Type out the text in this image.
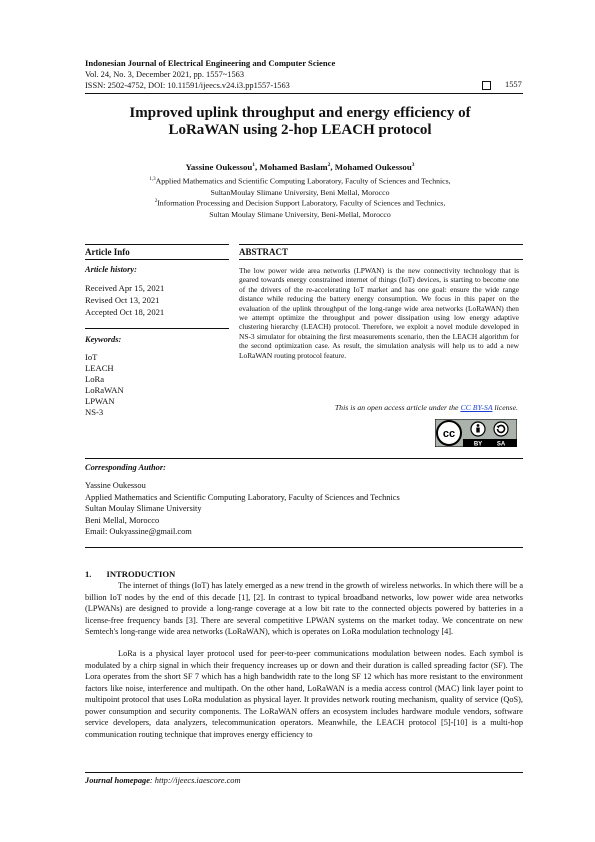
Indonesian Journal of Electrical Engineering and Computer Science
Vol. 24, No. 3, December 2021, pp. 1557~1563
ISSN: 2502-4752, DOI: 10.11591/ijeecs.v24.i3.pp1557-1563	1557
Improved uplink throughput and energy efficiency of
LoRaWAN using 2-hop LEACH protocol
Yassine Oukessou$^1$, Mohamed Baslam$^2$, Mohamed Oukessou$^3$
$^{1,3}$Applied Mathematics and Scientific Computing Laboratory, Faculty of Sciences and Technics,
SultanMoulay Slimane University, Beni Mellal, Morocco
$^2$Information Processing and Decision Support Laboratory, Faculty of Sciences and Technics,
Sultan Moulay Slimane University, Beni-Mellal, Morocco
Article Info
Article history:
Received Apr 15, 2021
Revised Oct 13, 2021
Accepted Oct 18, 2021
Keywords:
IoT
LEACH
LoRa
LoRaWAN
LPWAN
NS-3
ABSTRACT
The low power wide area networks (LPWAN) is the new connectivity technology that is geared towards energy constrained internet of things (IoT) devices, is starting to become one of the drivers of the re-accelerating IoT market and has one goal: ensure the wide range distance while reducing the battery energy consumption. We focus in this paper on the evaluation of the uplink throughput of the long-range wide area networks (LoRaWAN) then we attempt optimize the throughput and power dissipation using low energy adaptive clustering hierarchy (LEACH) protocol. Therefore, we exploit a novel module developed in NS-3 simulator for obtaining the first measurements scenario, then the LEACH algorithm for the second optimization case. As result, the simulation analysis will help us to add a new LoRaWAN routing protocol feature.
This is an open access article under the CC BY-SA license.
cc
BY SA
Corresponding Author:
Yassine Oukessou
Applied Mathematics and Scientific Computing Laboratory, Faculty of Sciences and Technics
Sultan Moulay Slimane University
Beni Mellal, Morocco
Email: Oukyassine@gmail.com
1.       INTRODUCTION
The internet of things (IoT) has lately emerged as a new trend in the growth of wireless networks. In which there will be a billion IoT nodes by the end of this decade [1], [2]. In contrast to typical broadband networks, low power wide area networks (LPWANs) are designed to provide a long-range coverage at a low bit rate to the connected objects powered by batteries in a license-free frequency bands [3]. There are several competitive LPWAN systems on the market today. We concentrate on new Semtech's long-range wide area networks (LoRaWAN), which is operates on LoRa modulation technology [4].
LoRa is a physical layer protocol used for peer-to-peer communications modulation between nodes. Each symbol is modulated by a chirp signal in which their frequency increases up or down and their duration is called spreading factor (SF). The Lora operates from the short SF 7 which has a high bandwidth rate to the long SF 12 which has more resistant to the environment factors like noise, interference and multipath. On the other hand, LoRaWAN is a media access control (MAC) link layer point to multipoint protocol that uses LoRa modulation as physical layer. It provides network routing mechanism, quality of service (QoS), power consumption and security components. The LoRaWAN offers an ecosystem includes hardware module vendors, software service developers, data analyzers, telecommunication operators. Meanwhile, the LEACH protocol [5]-[10] is a multi-hop communication routing technique that improves energy efficiency to
Journal homepage: http://ijeecs.iaescore.com
